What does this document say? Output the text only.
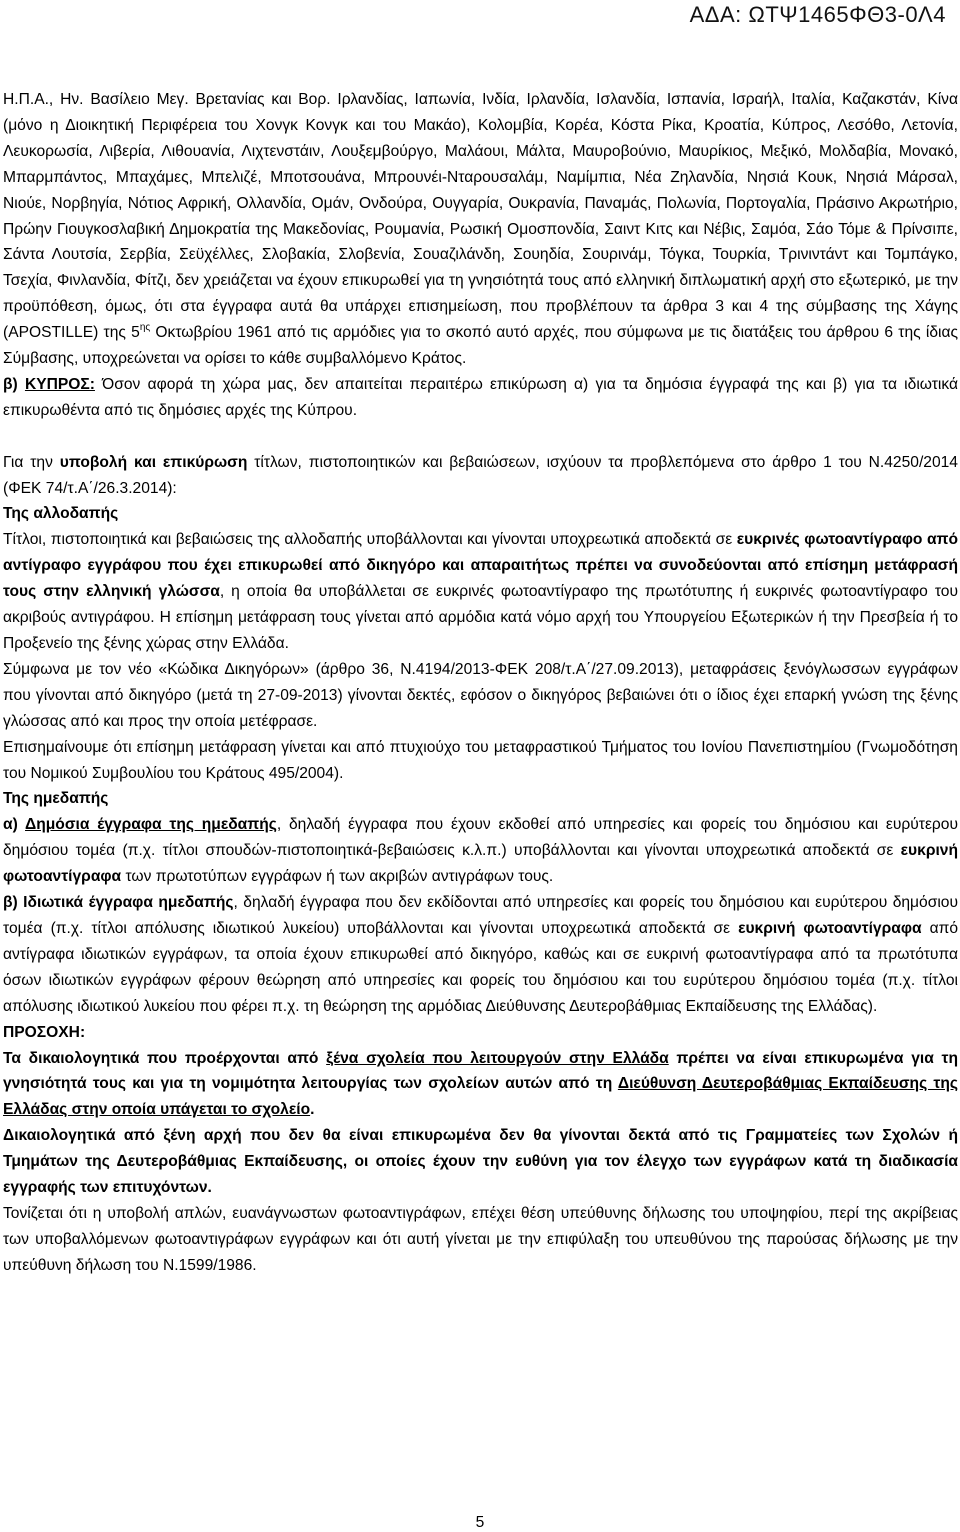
ΑΔΑ: ΩΤΨ1465ΦΘ3-0Λ4

Η.Π.Α., Ην. Βασίλειο Μεγ. Βρετανίας και Βορ. Ιρλανδίας, Ιαπωνία, Ινδία, Ιρλανδία, Ισλανδία, Ισπανία, Ισραήλ, Ιταλία, Καζακστάν, Κίνα (μόνο η Διοικητική Περιφέρεια του Χονγκ Κονγκ και του Μακάο), Κολομβία, Κορέα, Κόστα Ρίκα, Κροατία, Κύπρος, Λεσόθο, Λετονία, Λευκορωσία, Λιβερία, Λιθουανία, Λιχτενστάιν, Λουξεμβούργο, Μαλάουι, Μάλτα, Μαυροβούνιο, Μαυρίκιος, Μεξικό, Μολδαβία, Μονακό, Μπαρμπάντος, Μπαχάμες, Μπελιζέ, Μποτσουάνα, Μπρουνέι-Νταρουσαλάμ, Ναμίμπια, Νέα Ζηλανδία, Νησιά Κουκ, Νησιά Μάρσαλ, Νιούε, Νορβηγία, Νότιος Αφρική, Ολλανδία, Ομάν, Ονδούρα, Ουγγαρία, Ουκρανία, Παναμάς, Πολωνία, Πορτογαλία, Πράσινο Ακρωτήριο, Πρώην Γιουγκοσλαβική Δημοκρατία της Μακεδονίας, Ρουμανία, Ρωσική Ομοσπονδία, Σαιντ Κιτς και Νέβις, Σαμόα, Σάο Τόμε & Πρίνσιπε, Σάντα Λουτσία, Σερβία, Σεϋχέλλες, Σλοβακία, Σλοβενία, Σουαζιλάνδη, Σουηδία, Σουρινάμ, Τόγκα, Τουρκία, Τρινιντάντ και Τομπάγκο, Τσεχία, Φινλανδία, Φίτζι, δεν χρειάζεται να έχουν επικυρωθεί για τη γνησιότητά τους από ελληνική διπλωματική αρχή στο εξωτερικό, με την προϋπόθεση, όμως, ότι στα έγγραφα αυτά θα υπάρχει επισημείωση, που προβλέπουν τα άρθρα 3 και 4 της σύμβασης της Χάγης (APOSTILLE) της $5^{\eta\varsigma}$ Οκτωβρίου 1961 από τις αρμόδιες για το σκοπό αυτό αρχές, που σύμφωνα με τις διατάξεις του άρθρου 6 της ίδιας Σύμβασης, υποχρεώνεται να ορίσει το κάθε συμβαλλόμενο Κράτος.

β) ΚΥΠΡΟΣ: Όσον αφορά τη χώρα μας, δεν απαιτείται περαιτέρω επικύρωση α) για τα δημόσια έγγραφά της και β) για τα ιδιωτικά επικυρωθέντα από τις δημόσιες αρχές της Κύπρου.

Για την υποβολή και επικύρωση τίτλων, πιστοποιητικών και βεβαιώσεων, ισχύουν τα προβλεπόμενα στο άρθρο 1 του Ν.4250/2014 (ΦΕΚ 74/τ.Α΄/26.3.2014):

Της αλλοδαπής

Τίτλοι, πιστοποιητικά και βεβαιώσεις της αλλοδαπής υποβάλλονται και γίνονται υποχρεωτικά αποδεκτά σε ευκρινές φωτοαντίγραφο από αντίγραφο εγγράφου που έχει επικυρωθεί από δικηγόρο και απαραιτήτως πρέπει να συνοδεύονται από επίσημη μετάφρασή τους στην ελληνική γλώσσα, η οποία θα υποβάλλεται σε ευκρινές φωτοαντίγραφο της πρωτότυπης ή ευκρινές φωτοαντίγραφο του ακριβούς αντιγράφου. Η επίσημη μετάφραση τους γίνεται από αρμόδια κατά νόμο αρχή του Υπουργείου Εξωτερικών ή την Πρεσβεία ή το Προξενείο της ξένης χώρας στην Ελλάδα.

Σύμφωνα με τον νέο «Κώδικα Δικηγόρων» (άρθρο 36, Ν.4194/2013-ΦΕΚ 208/τ.Α΄/27.09.2013), μεταφράσεις ξενόγλωσσων εγγράφων που γίνονται από δικηγόρο (μετά τη 27-09-2013) γίνονται δεκτές, εφόσον ο δικηγόρος βεβαιώνει ότι ο ίδιος έχει επαρκή γνώση της ξένης γλώσσας από και προς την οποία μετέφρασε.

Επισημαίνουμε ότι επίσημη μετάφραση γίνεται και από πτυχιούχο του μεταφραστικού Τμήματος του Ιονίου Πανεπιστημίου (Γνωμοδότηση του Νομικού Συμβουλίου του Κράτους 495/2004).

Της ημεδαπής

α) Δημόσια έγγραφα της ημεδαπής, δηλαδή έγγραφα που έχουν εκδοθεί από υπηρεσίες και φορείς του δημόσιου και ευρύτερου δημόσιου τομέα (π.χ. τίτλοι σπουδών-πιστοποιητικά-βεβαιώσεις κ.λ.π.) υποβάλλονται και γίνονται υποχρεωτικά αποδεκτά σε ευκρινή φωτοαντίγραφα των πρωτοτύπων εγγράφων ή των ακριβών αντιγράφων τους.

β) Ιδιωτικά έγγραφα ημεδαπής, δηλαδή έγγραφα που δεν εκδίδονται από υπηρεσίες και φορείς του δημόσιου και ευρύτερου δημόσιου τομέα (π.χ. τίτλοι απόλυσης ιδιωτικού λυκείου) υποβάλλονται και γίνονται υποχρεωτικά αποδεκτά σε ευκρινή φωτοαντίγραφα από αντίγραφα ιδιωτικών εγγράφων, τα οποία έχουν επικυρωθεί από δικηγόρο, καθώς και σε ευκρινή φωτοαντίγραφα από τα πρωτότυπα όσων ιδιωτικών εγγράφων φέρουν θεώρηση από υπηρεσίες και φορείς του δημόσιου και του ευρύτερου δημόσιου τομέα (π.χ. τίτλοι απόλυσης ιδιωτικού λυκείου που φέρει π.χ. τη θεώρηση της αρμόδιας Διεύθυνσης Δευτεροβάθμιας Εκπαίδευσης της Ελλάδας).

ΠΡΟΣΟΧΗ:

Τα δικαιολογητικά που προέρχονται από ξένα σχολεία που λειτουργούν στην Ελλάδα πρέπει να είναι επικυρωμένα για τη γνησιότητά τους και για τη νομιμότητα λειτουργίας των σχολείων αυτών από τη Διεύθυνση Δευτεροβάθμιας Εκπαίδευσης της Ελλάδας στην οποία υπάγεται το σχολείο.

Δικαιολογητικά από ξένη αρχή που δεν θα είναι επικυρωμένα δεν θα γίνονται δεκτά από τις Γραμματείες των Σχολών ή Τμημάτων της Δευτεροβάθμιας Εκπαίδευσης, οι οποίες έχουν την ευθύνη για τον έλεγχο των εγγράφων κατά τη διαδικασία εγγραφής των επιτυχόντων.

Τονίζεται ότι η υποβολή απλών, ευανάγνωστων φωτοαντιγράφων, επέχει θέση υπεύθυνης δήλωσης του υποψηφίου, περί της ακρίβειας των υποβαλλόμενων φωτοαντιγράφων εγγράφων και ότι αυτή γίνεται με την επιφύλαξη του υπευθύνου της παρούσας δήλωσης με την υπεύθυνη δήλωση του Ν.1599/1986.

5
